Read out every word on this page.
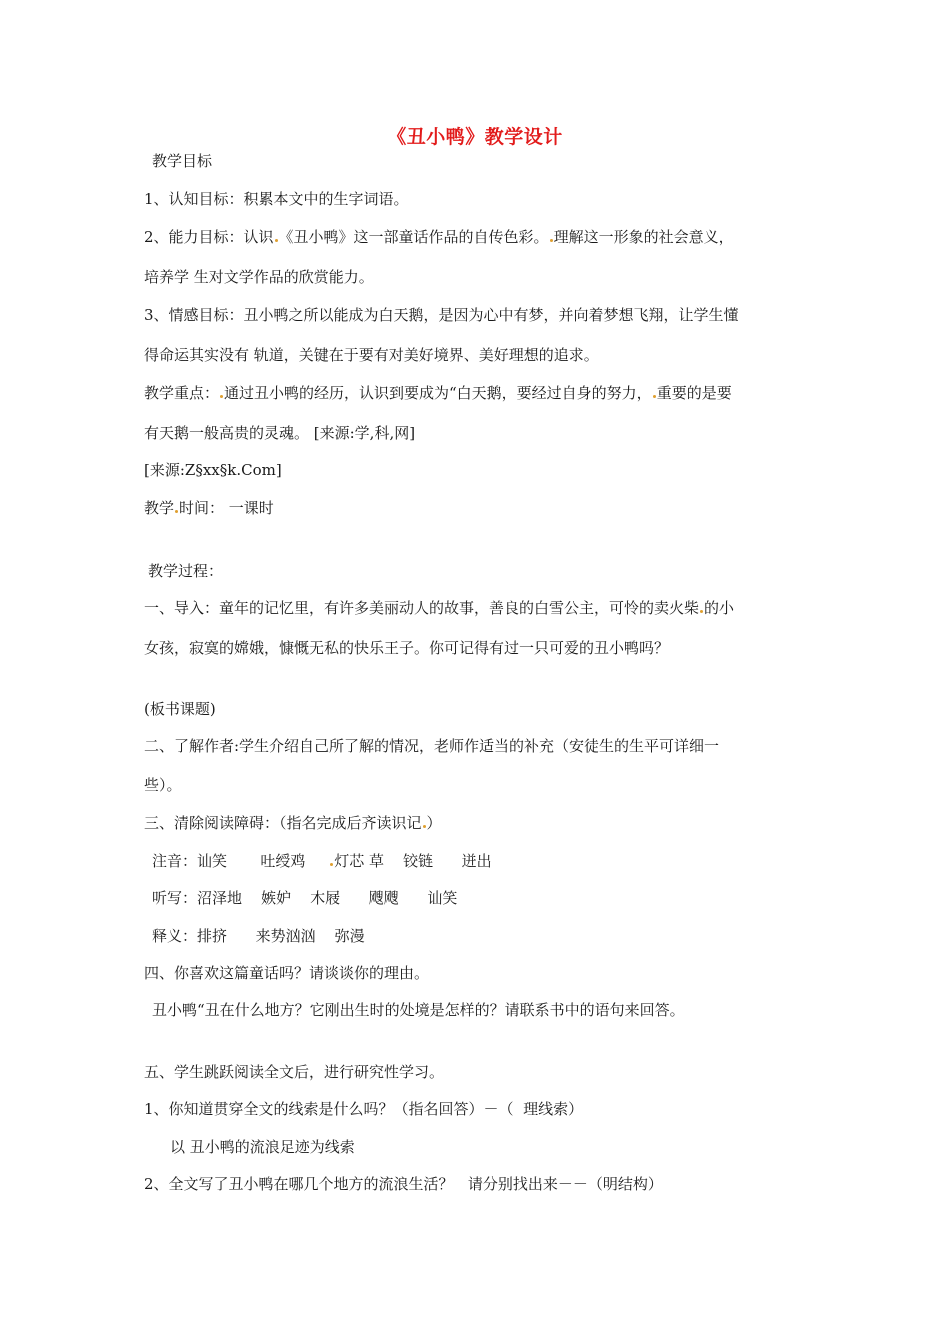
《丑小鸭》教学设计
教学目标
1、认知目标：积累本文中的生字词语。
2、能力目标：认识 《丑小鸭》这一部童话作品的自传色彩。 理解这一形象的社会意义，
培养学 生对文学作品的欣赏能力。
3、情感目标：丑小鸭之所以能成为白天鹅，是因为心中有梦，并向着梦想飞翔，让学生懂
得命运其实没有 轨道，关键在于要有对美好境界、美好理想的追求。
教学重点： 通过丑小鸭的经历，认识到要成为“白天鹅，要经过自身的努力， 重要的是要
有天鹅一般高贵的灵魂。 [来源:学,科,网]
[来源:Z§xx§k.Com]
教学 时间： 一课时
教学过程：
一、导入：童年的记忆里，有许多美丽动人的故事，善良的白雪公主，可怜的卖火柴 的小
女孩，寂寞的嫦娥，慷慨无私的快乐王子。你可记得有过一只可爱的丑小鸭吗？
(板书课题)
二、了解作者:学生介绍自己所了解的情况，老师作适当的补充（安徒生的生平可详细一
些）。
三、清除阅读障碍：（指名完成后齐读识记 ）
注音：讪笑       吐绶鸡     灯芯 草    铰链      迸出
听写：沼泽地    嫉妒    木屐      飕飕      讪笑
释义：排挤      来势汹汹    弥漫
四、你喜欢这篇童话吗？请谈谈你的理由。
丑小鸭“丑在什么地方？它刚出生时的处境是怎样的？请联系书中的语句来回答。
五、学生跳跃阅读全文后，进行研究性学习。
1、你知道贯穿全文的线索是什么吗？（指名回答）－（  理线索）
以 丑小鸭的流浪足迹为线索
2、全文写了丑小鸭在哪几个地方的流浪生活？   请分别找出来－－（明结构）
